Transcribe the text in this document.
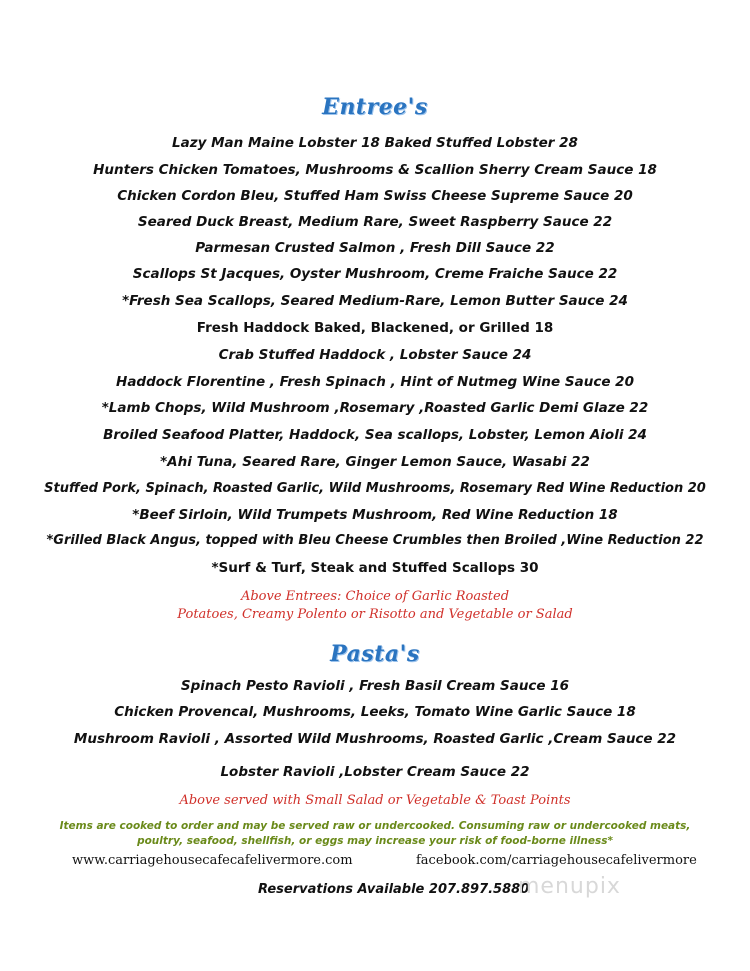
Entree's
Lazy Man Maine Lobster 18 Baked Stuffed Lobster 28
Hunters Chicken Tomatoes, Mushrooms & Scallion Sherry Cream Sauce 18
Chicken Cordon Bleu, Stuffed Ham Swiss Cheese Supreme Sauce 20
Seared Duck Breast, Medium Rare, Sweet Raspberry Sauce 22
Parmesan Crusted Salmon , Fresh Dill Sauce 22
Scallops St Jacques, Oyster Mushroom, Creme Fraiche Sauce 22
*Fresh Sea Scallops, Seared Medium-Rare, Lemon Butter Sauce 24
Fresh Haddock Baked, Blackened, or Grilled 18
Crab Stuffed Haddock , Lobster Sauce 24
Haddock Florentine , Fresh Spinach , Hint of Nutmeg Wine Sauce 20
*Lamb Chops, Wild Mushroom ,Rosemary ,Roasted Garlic Demi Glaze 22
Broiled Seafood Platter, Haddock, Sea scallops, Lobster, Lemon Aioli 24
*Ahi Tuna, Seared Rare, Ginger Lemon Sauce, Wasabi 22
Stuffed Pork, Spinach, Roasted Garlic, Wild Mushrooms, Rosemary Red Wine Reduction 20
*Beef Sirloin, Wild Trumpets Mushroom, Red Wine Reduction 18
*Grilled Black Angus, topped with Bleu Cheese Crumbles then Broiled ,Wine Reduction 22
*Surf & Turf, Steak and Stuffed Scallops 30
Above Entrees: Choice of Garlic Roasted
Potatoes, Creamy Polento or Risotto and Vegetable or Salad
Pasta's
Spinach Pesto Ravioli , Fresh Basil Cream Sauce 16
Chicken Provencal, Mushrooms, Leeks, Tomato Wine Garlic Sauce 18
Mushroom Ravioli , Assorted Wild Mushrooms, Roasted Garlic ,Cream Sauce 22
Lobster Ravioli ,Lobster Cream Sauce 22
Above served with Small Salad or Vegetable & Toast Points
Items are cooked to order and may be served raw or undercooked. Consuming raw or undercooked meats,
poultry, seafood, shellfish, or eggs may increase your risk of food-borne illness*
www.carriagehousecafecafelivermore.com	facebook.com/carriagehousecafelivermore
Reservations Available 207.897.5880
menupix
